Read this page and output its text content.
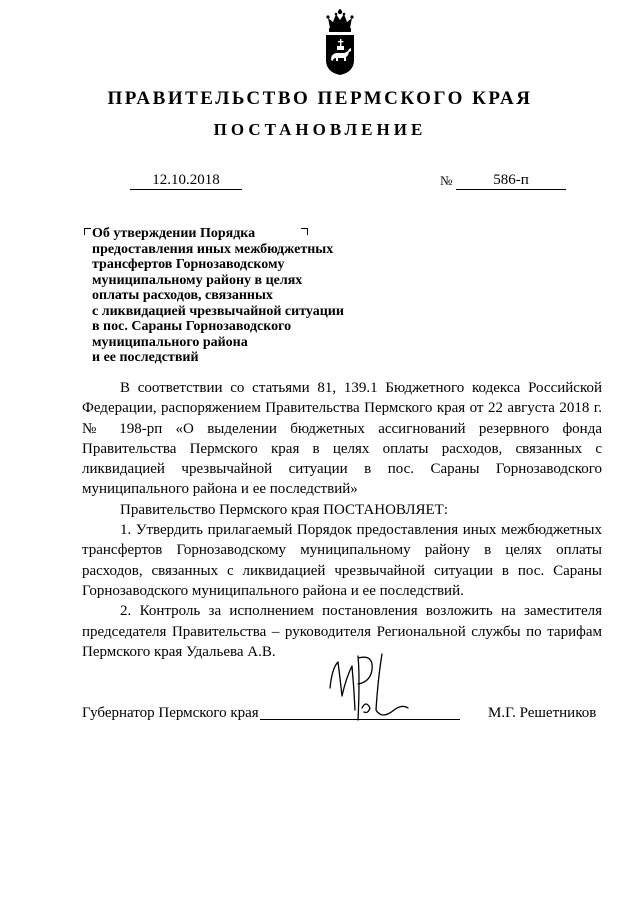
ПРАВИТЕЛЬСТВО ПЕРМСКОГО КРАЯ
ПОСТАНОВЛЕНИЕ
12.10.2018	№	586-п
Об утверждении Порядка
предоставления иных межбюджетных
трансфертов Горнозаводскому
муниципальному району в целях
оплаты расходов, связанных
с ликвидацией чрезвычайной ситуации
в пос. Сараны Горнозаводского
муниципального района
и ее последствий

В соответствии со статьями 81, 139.1 Бюджетного кодекса Российской Федерации, распоряжением Правительства Пермского края от 22 августа 2018 г. № 198-рп «О выделении бюджетных ассигнований резервного фонда Правительства Пермского края в целях оплаты расходов, связанных с ликвидацией чрезвычайной ситуации в пос. Сараны Горнозаводского муниципального района и ее последствий»

Правительство Пермского края ПОСТАНОВЛЯЕТ:

1. Утвердить прилагаемый Порядок предоставления иных межбюджетных трансфертов Горнозаводскому муниципальному району в целях оплаты расходов, связанных с ликвидацией чрезвычайной ситуации в пос. Сараны Горнозаводского муниципального района и ее последствий.

2. Контроль за исполнением постановления возложить на заместителя председателя Правительства – руководителя Региональной службы по тарифам Пермского края Удальева А.В.

Губернатор Пермского края	М.Г. Решетников
